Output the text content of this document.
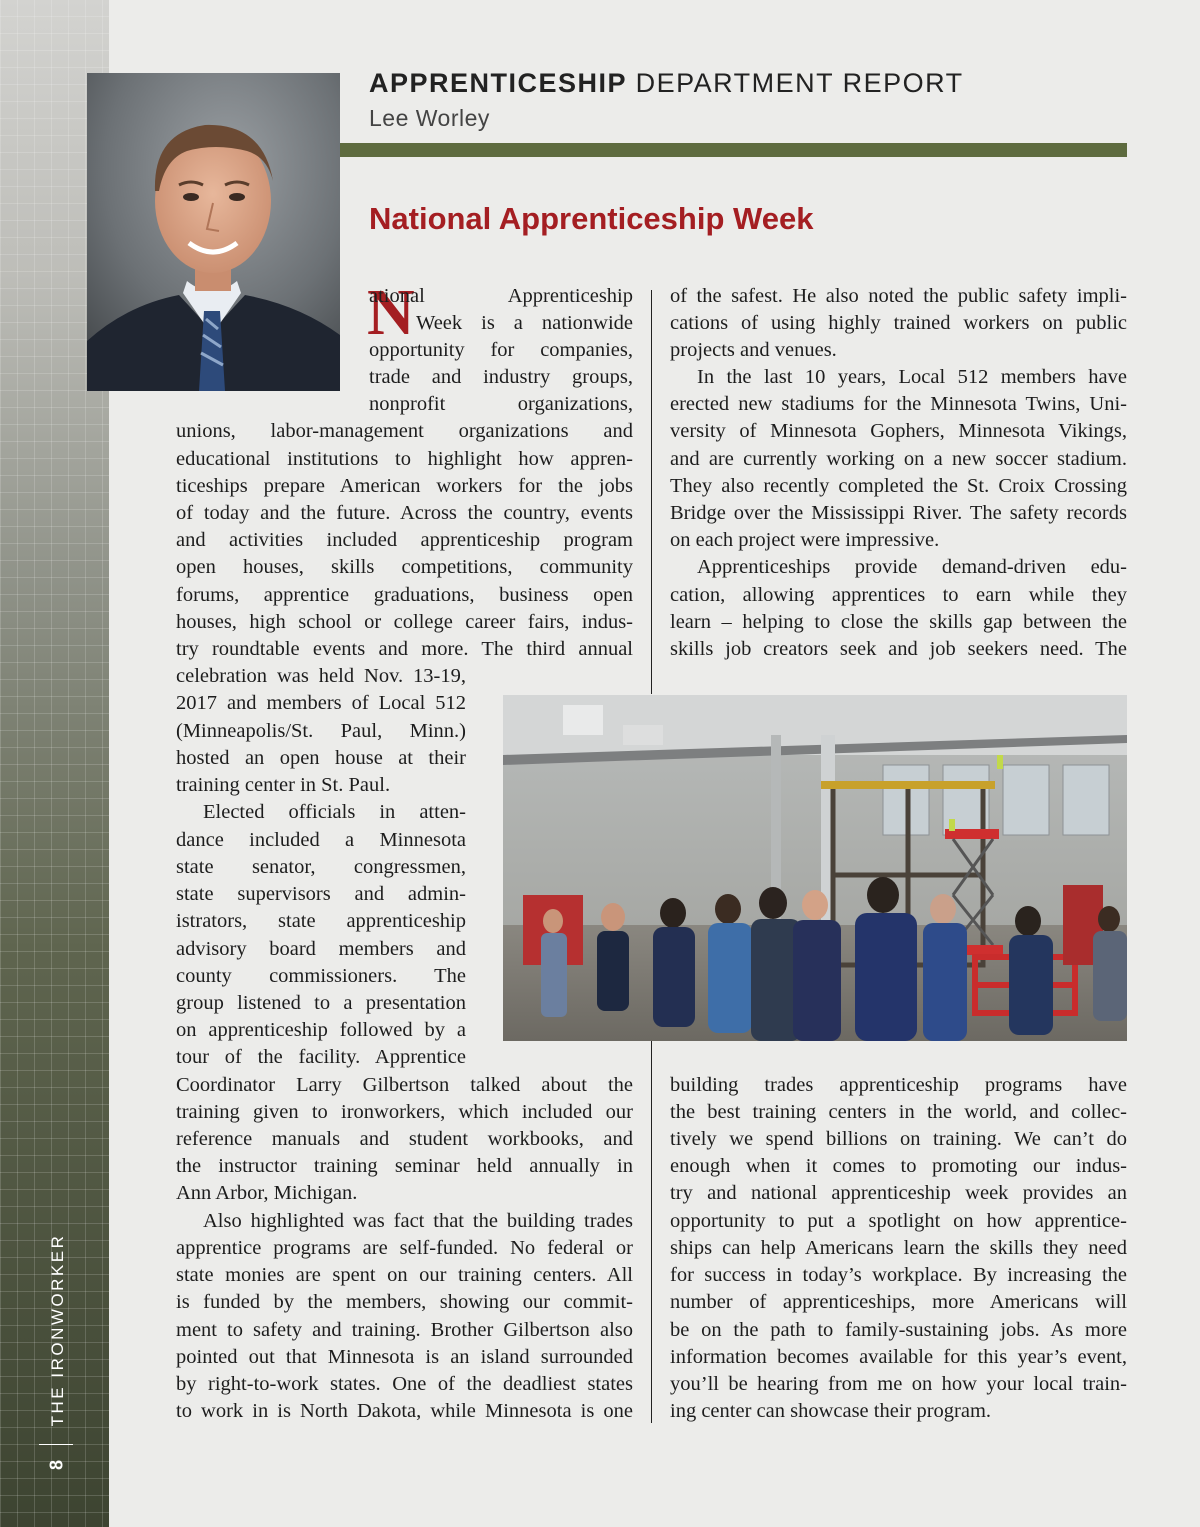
THE IRONWORKER
8
APPRENTICESHIP DEPARTMENT REPORT
Lee Worley
National Apprenticeship Week
N
ational Apprenticeship
Week is a nationwide
opportunity for companies,
trade and industry groups,
nonprofit organizations,
unions, labor-management organizations and
educational institutions to highlight how appren-
ticeships prepare American workers for the jobs
of today and the future. Across the country, events
and activities included apprenticeship program
open houses, skills competitions, community
forums, apprentice graduations, business open
houses, high school or college career fairs, indus-
try roundtable events and more. The third annual
celebration was held Nov. 13-19,
2017 and members of Local 512
(Minneapolis/St. Paul, Minn.)
hosted an open house at their
training center in St. Paul.
Elected officials in atten-
dance included a Minnesota
state senator, congressmen,
state supervisors and admin-
istrators, state apprenticeship
advisory board members and
county commissioners. The
group listened to a presentation
on apprenticeship followed by a
tour of the facility. Apprentice
Coordinator Larry Gilbertson talked about the
training given to ironworkers, which included our
reference manuals and student workbooks, and
the instructor training seminar held annually in
Ann Arbor, Michigan.
Also highlighted was fact that the building trades
apprentice programs are self-funded. No federal or
state monies are spent on our training centers. All
is funded by the members, showing our commit-
ment to safety and training. Brother Gilbertson also
pointed out that Minnesota is an island surrounded
by right-to-work states. One of the deadliest states
to work in is North Dakota, while Minnesota is one
of the safest. He also noted the public safety impli-
cations of using highly trained workers on public
projects and venues.
In the last 10 years, Local 512 members have
erected new stadiums for the Minnesota Twins, Uni-
versity of Minnesota Gophers, Minnesota Vikings,
and are currently working on a new soccer stadium.
They also recently completed the St. Croix Crossing
Bridge over the Mississippi River. The safety records
on each project were impressive.
Apprenticeships provide demand-driven edu-
cation, allowing apprentices to earn while they
learn – helping to close the skills gap between the
skills job creators seek and job seekers need. The
building trades apprenticeship programs have
the best training centers in the world, and collec-
tively we spend billions on training. We can’t do
enough when it comes to promoting our indus-
try and national apprenticeship week provides an
opportunity to put a spotlight on how apprentice-
ships can help Americans learn the skills they need
for success in today’s workplace. By increasing the
number of apprenticeships, more Americans will
be on the path to family-sustaining jobs. As more
information becomes available for this year’s event,
you’ll be hearing from me on how your local train-
ing center can showcase their program.
